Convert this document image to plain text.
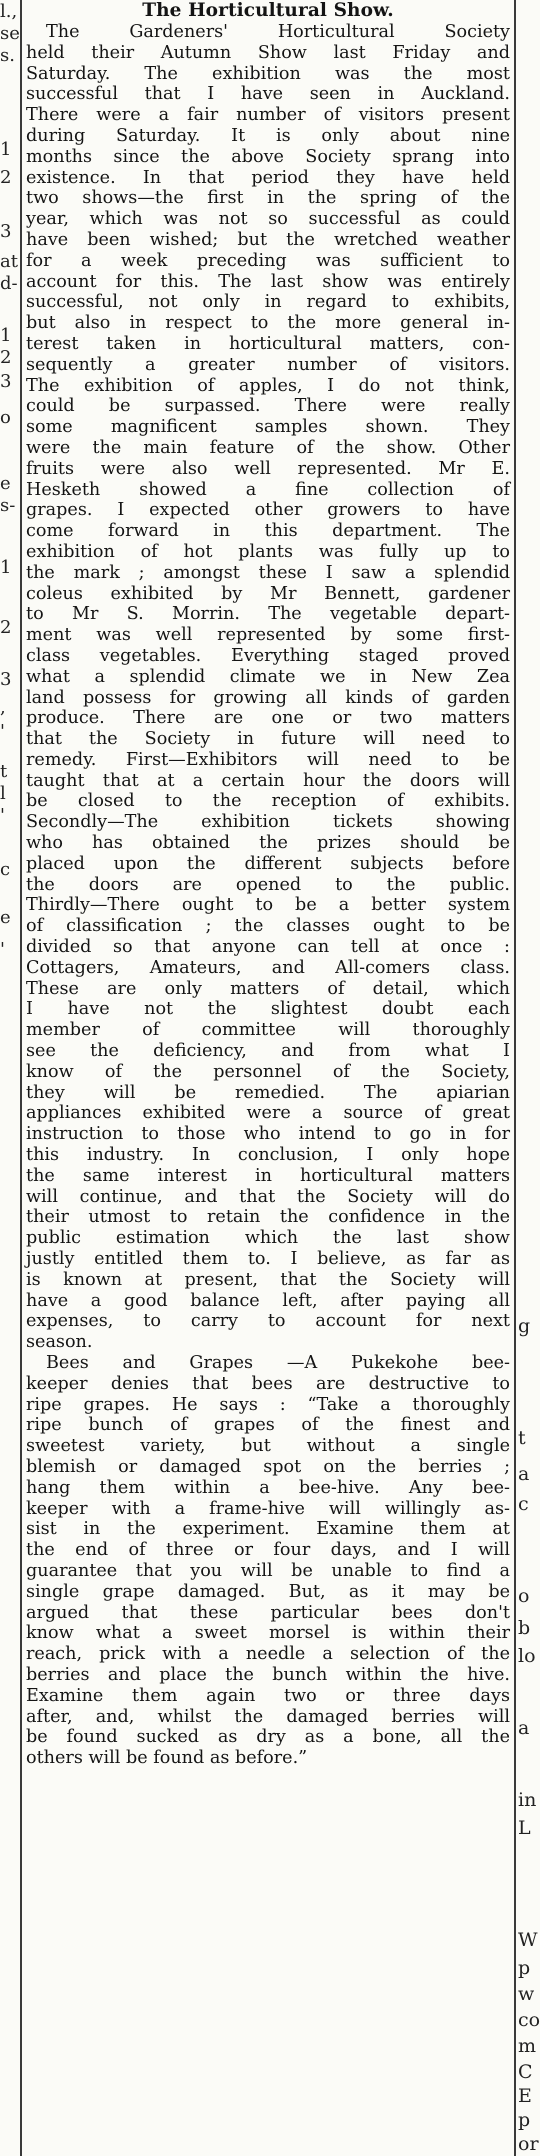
l.,
se
s.
1
2
3
at
d-
1
2
3
o
e
s-
1
2
3
,
'
t
l
'
c
e
'
The Horticultural Show.
The Gardeners' Horticultural Society
held their Autumn Show last Friday and
Saturday. The exhibition was the most
successful that I have seen in Auckland.
There were a fair number of visitors present
during Saturday. It is only about nine
months since the above Society sprang into
existence. In that period they have held
two shows—the first in the spring of the
year, which was not so successful as could
have been wished; but the wretched weather
for a week preceding was sufficient to
account for this. The last show was entirely
successful, not only in regard to exhibits,
but also in respect to the more general in-
terest taken in horticultural matters, con-
sequently a greater number of visitors.
The exhibition of apples, I do not think,
could be surpassed. There were really
some magnificent samples shown. They
were the main feature of the show. Other
fruits were also well represented. Mr E.
Hesketh showed a fine collection of
grapes. I expected other growers to have
come forward in this department. The
exhibition of hot plants was fully up to
the mark ; amongst these I saw a splendid
coleus exhibited by Mr Bennett, gardener
to Mr S. Morrin. The vegetable depart-
ment was well represented by some first-
class vegetables. Everything staged proved
what a splendid climate we in New Zea
land possess for growing all kinds of garden
produce. There are one or two matters
that the Society in future will need to
remedy. First—Exhibitors will need to be
taught that at a certain hour the doors will
be closed to the reception of exhibits.
Secondly—The exhibition tickets showing
who has obtained the prizes should be
placed upon the different subjects before
the doors are opened to the public.
Thirdly—There ought to be a better system
of classification ; the classes ought to be
divided so that anyone can tell at once :
Cottagers, Amateurs, and All-comers class.
These are only matters of detail, which
I have not the slightest doubt each
member of committee will thoroughly
see the deficiency, and from what I
know of the personnel of the Society,
they will be remedied. The apiarian
appliances exhibited were a source of great
instruction to those who intend to go in for
this industry. In conclusion, I only hope
the same interest in horticultural matters
will continue, and that the Society will do
their utmost to retain the confidence in the
public estimation which the last show
justly entitled them to. I believe, as far as
is known at present, that the Society will
have a good balance left, after paying all
expenses, to carry to account for next
season.
Bees and Grapes —A Pukekohe bee-
keeper denies that bees are destructive to
ripe grapes. He says : “Take a thoroughly
ripe bunch of grapes of the finest and
sweetest variety, but without a single
blemish or damaged spot on the berries ;
hang them within a bee-hive. Any bee-
keeper with a frame-hive will willingly as-
sist in the experiment. Examine them at
the end of three or four days, and I will
guarantee that you will be unable to find a
single grape damaged. But, as it may be
argued that these particular bees don't
know what a sweet morsel is within their
reach, prick with a needle a selection of the
berries and place the bunch within the hive.
Examine them again two or three days
after, and, whilst the damaged berries will
be found sucked as dry as a bone, all the
others will be found as before.”
g
t
a
c
o
b
lo
a
in
L
W
p
w
co
m
C
E
p
or
